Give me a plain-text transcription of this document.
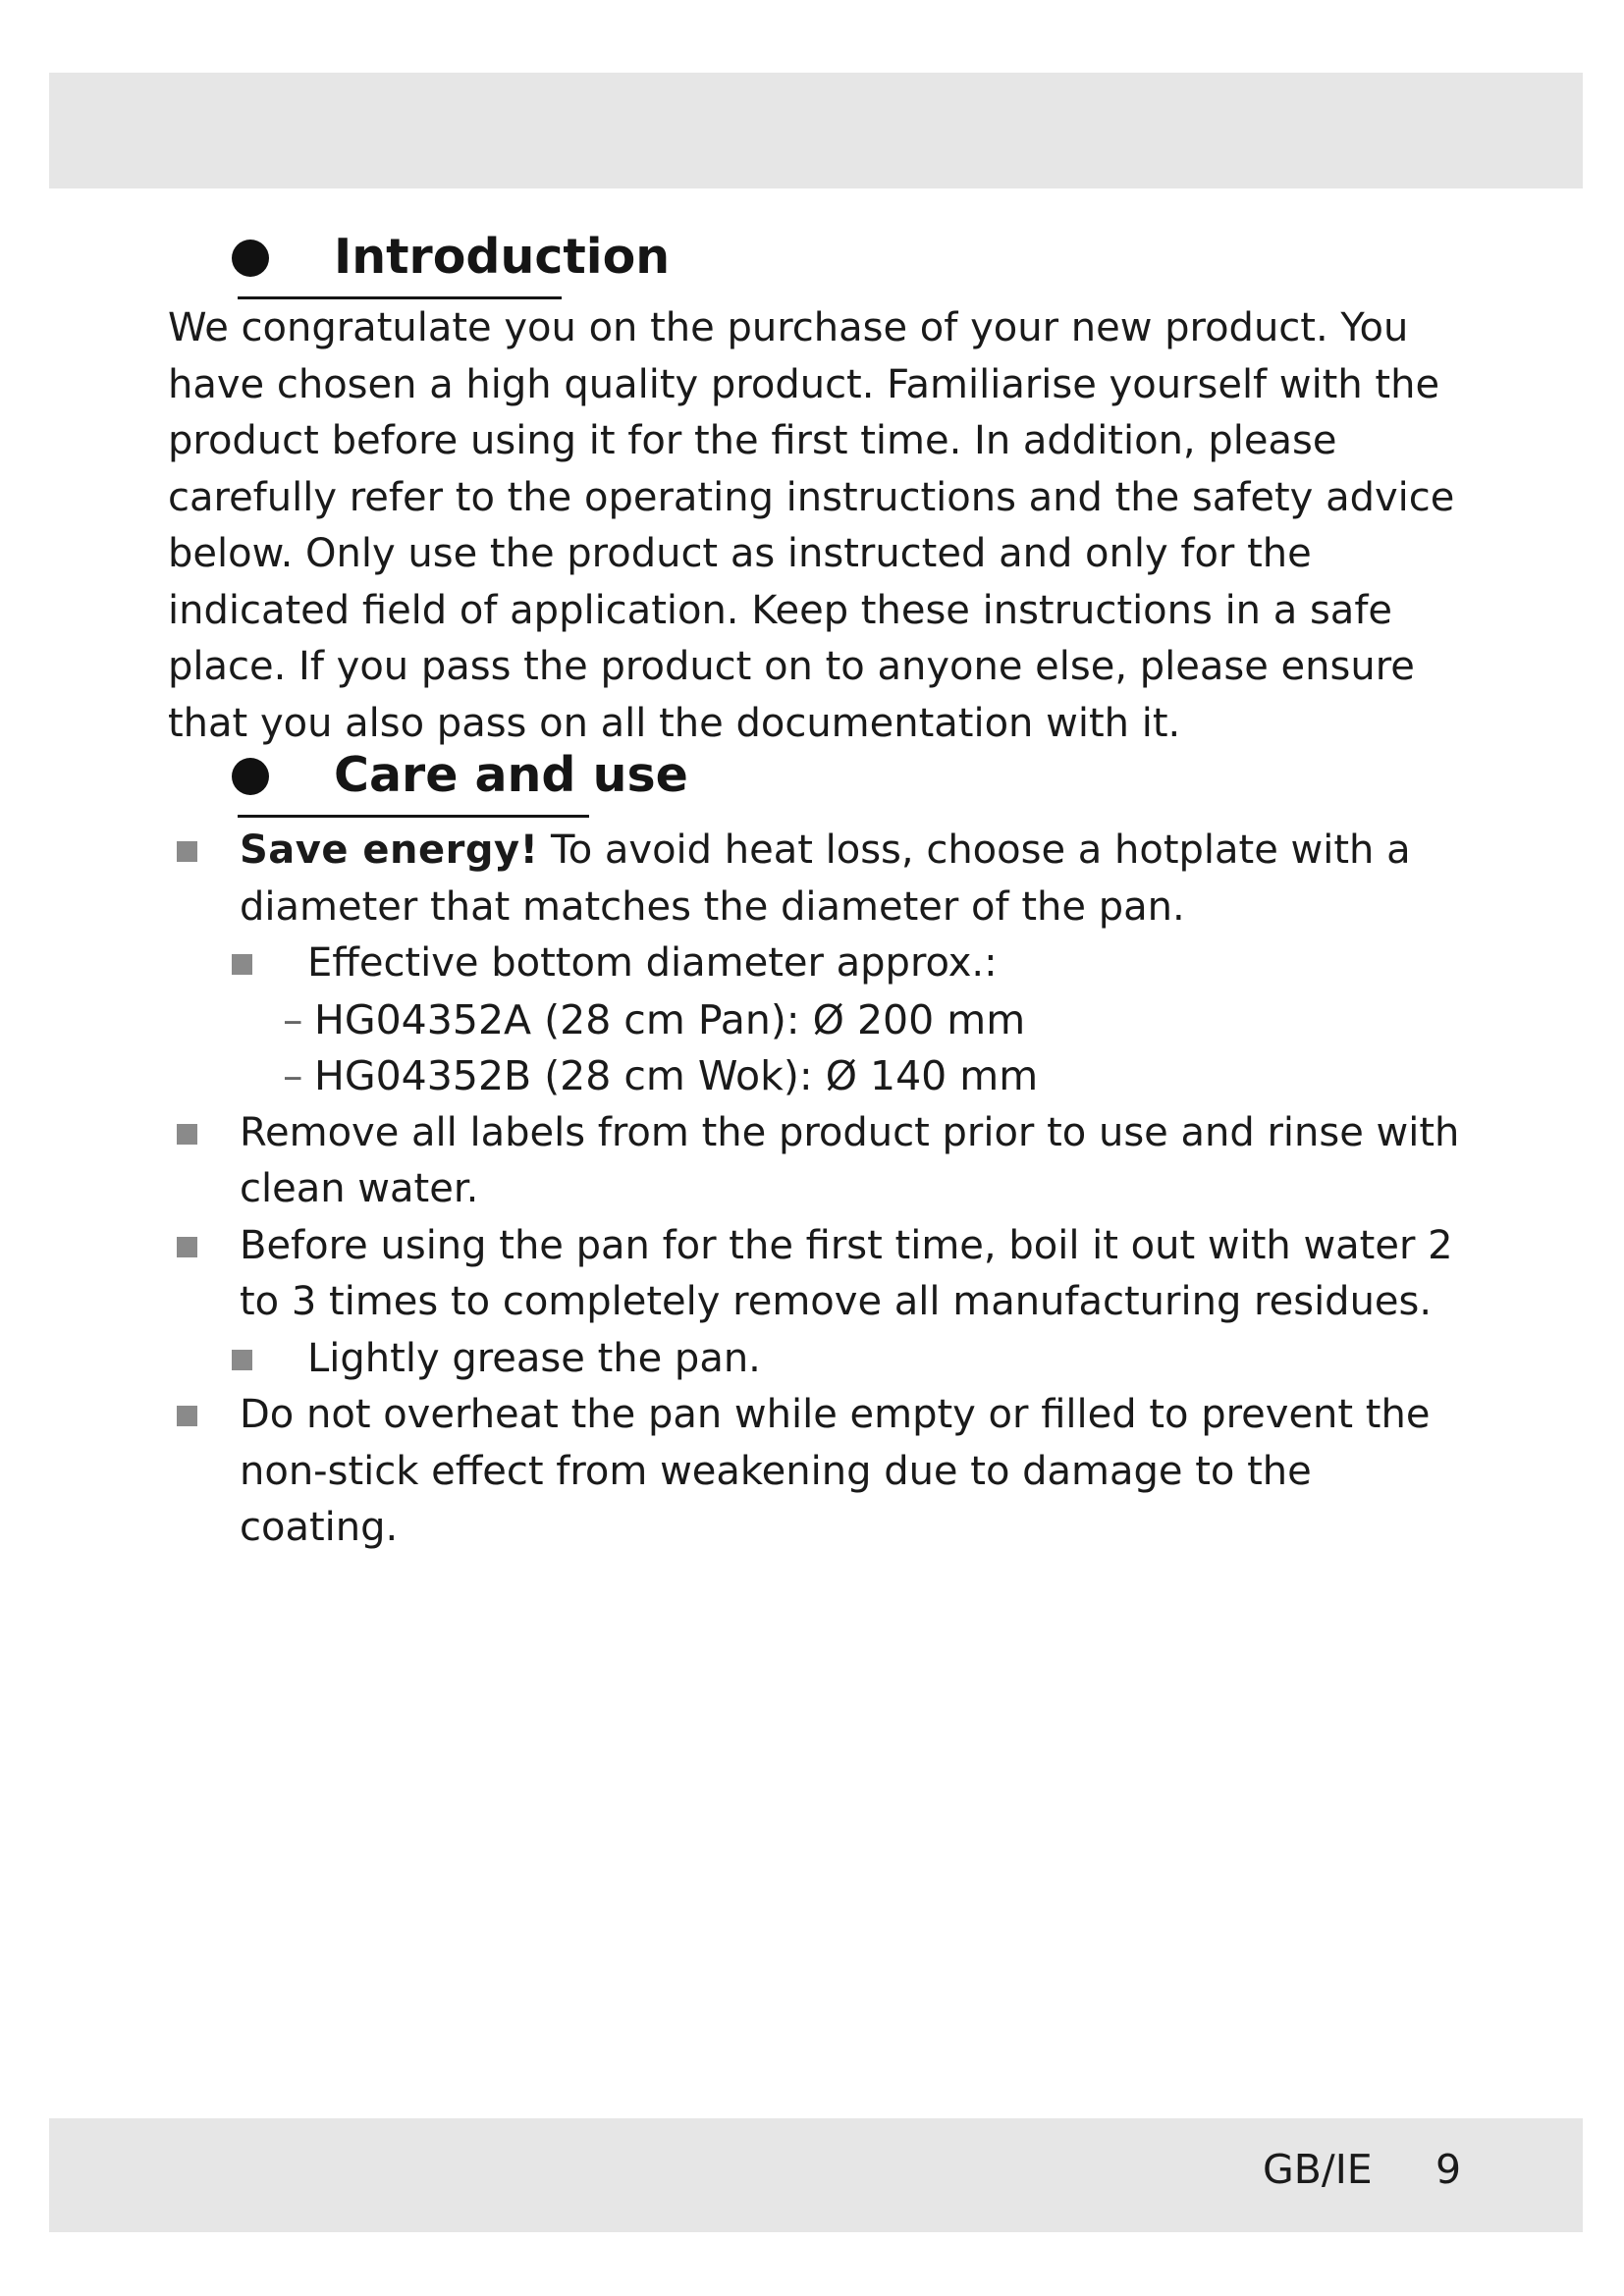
Introduction

We congratulate you on the purchase of your new product. You have chosen a high quality product. Familiarise yourself with the product before using it for the first time. In addition, please carefully refer to the operating instructions and the safety advice below. Only use the product as instructed and only for the indicated field of application. Keep these instructions in a safe place. If you pass the product on to anyone else, please ensure that you also pass on all the documentation with it.

Care and use
Save energy! To avoid heat loss, choose a hotplate with a diameter that matches the diameter of the pan.
Effective bottom diameter approx.:
– HG04352A (28 cm Pan): Ø 200 mm
– HG04352B (28 cm Wok): Ø 140 mm
Remove all labels from the product prior to use and rinse with clean water.
Before using the pan for the first time, boil it out with water 2 to 3 times to completely remove all manufacturing residues.
Lightly grease the pan.
Do not overheat the pan while empty or filled to prevent the non-stick effect from weakening due to damage to the coating.
GB/IE 9
